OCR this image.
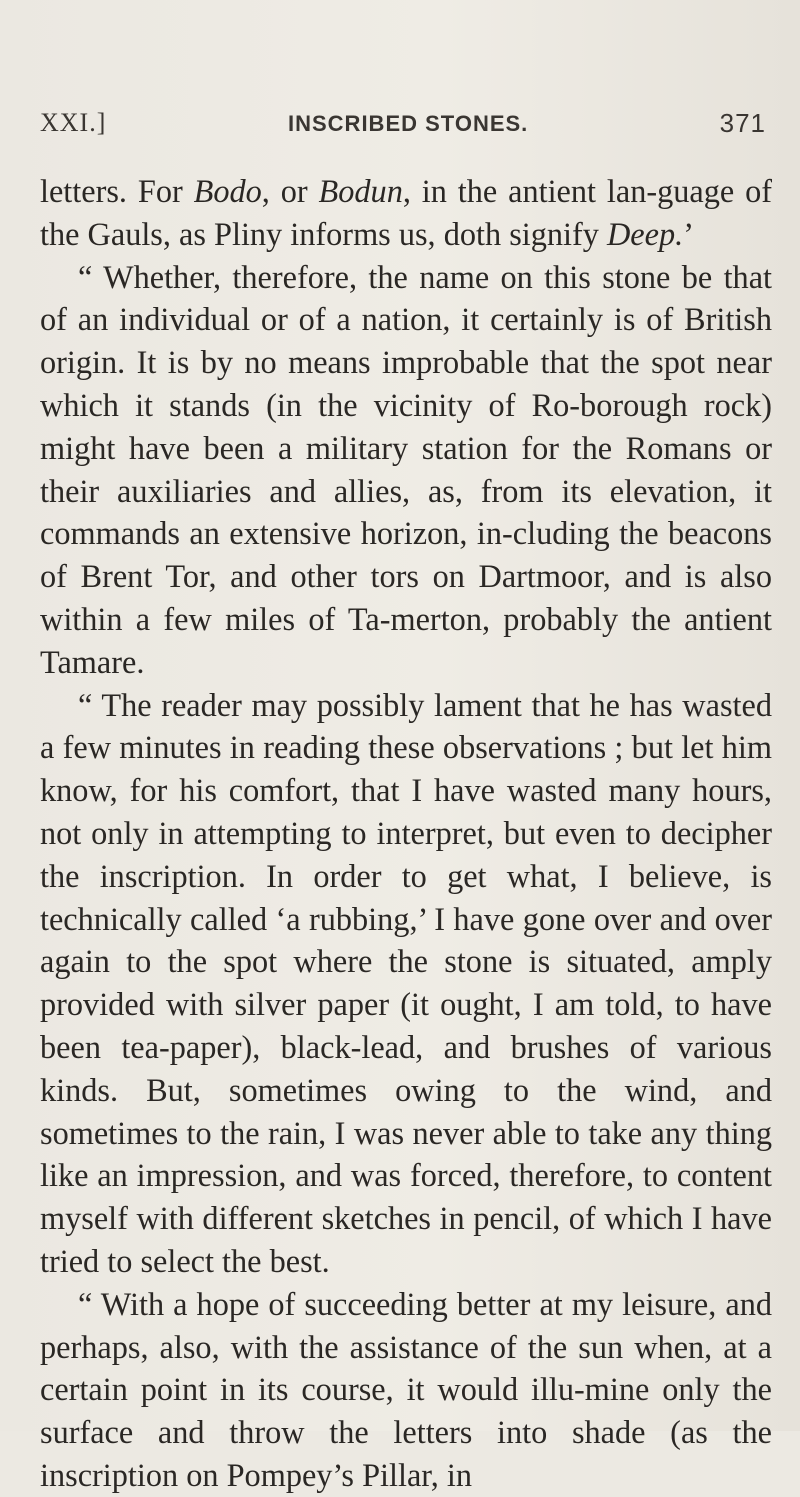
XXI.]	INSCRIBED STONES.	371

letters. For Bodo, or Bodun, in the antient lan-guage of the Gauls, as Pliny informs us, doth signify Deep.’

“ Whether, therefore, the name on this stone be that of an individual or of a nation, it certainly is of British origin. It is by no means improbable that the spot near which it stands (in the vicinity of Ro-borough rock) might have been a military station for the Romans or their auxiliaries and allies, as, from its elevation, it commands an extensive horizon, in-cluding the beacons of Brent Tor, and other tors on Dartmoor, and is also within a few miles of Ta-merton, probably the antient Tamare.

“ The reader may possibly lament that he has wasted a few minutes in reading these observations ; but let him know, for his comfort, that I have wasted many hours, not only in attempting to interpret, but even to decipher the inscription. In order to get what, I believe, is technically called ‘a rubbing,’ I have gone over and over again to the spot where the stone is situated, amply provided with silver paper (it ought, I am told, to have been tea-paper), black-lead, and brushes of various kinds. But, sometimes owing to the wind, and sometimes to the rain, I was never able to take any thing like an impression, and was forced, therefore, to content myself with different sketches in pencil, of which I have tried to select the best.

“ With a hope of succeeding better at my leisure, and perhaps, also, with the assistance of the sun when, at a certain point in its course, it would illu-mine only the surface and throw the letters into shade (as the inscription on Pompey’s Pillar, in
